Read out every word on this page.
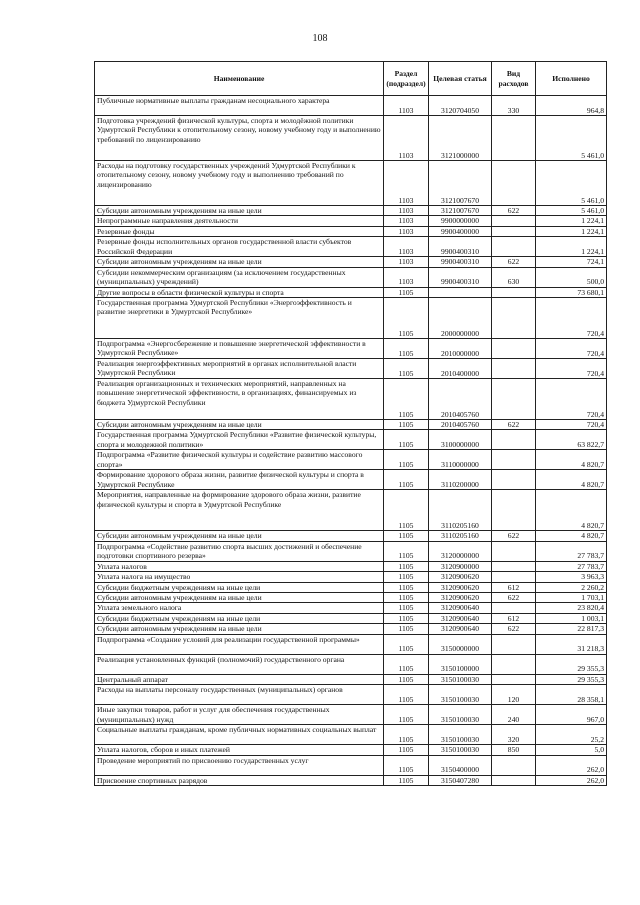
108
Наименование	Раздел (подраздел)	Целевая статья	Вид расходов	Исполнено
Публичные нормативные выплаты гражданам несоциального характера	1103	3120704050	330	964,8
Подготовка учреждений физической культуры, спорта и молодёжной политики Удмуртской Республики к отопительному сезону, новому учебному году и выполнению требований по лицензированию	1103	3121000000		5 461,0
Расходы на подготовку государственных учреждений Удмуртской Республики к отопительному сезону, новому учебному году и выполнению требований по лицензированию	1103	3121007670		5 461,0
Субсидии автономным учреждениям на иные цели	1103	3121007670	622	5 461,0
Непрограммные направления деятельности	1103	9900000000		1 224,1
Резервные фонды	1103	9900400000		1 224,1
Резервные фонды исполнительных органов государственной власти субъектов Российской Федерации	1103	9900400310		1 224,1
Субсидии автономным учреждениям на иные цели	1103	9900400310	622	724,1
Субсидии некоммерческим организациям (за исключением государственных (муниципальных) учреждений)	1103	9900400310	630	500,0
Другие вопросы в области физической культуры и спорта	1105			73 680,1
Государственная программа Удмуртской Республики «Энергоэффективность и развитие энергетики в Удмуртской Республике»	1105	2000000000		720,4
Подпрограмма «Энергосбережение и повышение энергетической эффективности в Удмуртской Республике»	1105	2010000000		720,4
Реализация энергоэффективных мероприятий в органах исполнительной власти Удмуртской Республики	1105	2010400000		720,4
Реализация организационных и технических мероприятий, направленных на повышение энергетической эффективности, в организациях, финансируемых из бюджета Удмуртской Республики	1105	2010405760		720,4
Субсидии автономным учреждениям на иные цели	1105	2010405760	622	720,4
Государственная программа Удмуртской Республики «Развитие физической культуры, спорта и молодежной политики»	1105	3100000000		63 822,7
Подпрограмма «Развитие физической культуры и содействие развитию массового спорта»	1105	3110000000		4 820,7
Формирование здорового образа жизни, развитие физической культуры и спорта в Удмуртской Республике	1105	3110200000		4 820,7
Мероприятия, направленные на формирование здорового образа жизни, развитие физической культуры и спорта в Удмуртской Республике	1105	3110205160		4 820,7
Субсидии автономным учреждениям на иные цели	1105	3110205160	622	4 820,7
Подпрограмма «Содействие развитию спорта высших достижений и обеспечение подготовки спортивного резерва»	1105	3120000000		27 783,7
Уплата налогов	1105	3120900000		27 783,7
Уплата налога на имущество	1105	3120900620		3 963,3
Субсидии бюджетным учреждениям на иные цели	1105	3120900620	612	2 260,2
Субсидии автономным учреждениям на иные цели	1105	3120900620	622	1 703,1
Уплата земельного налога	1105	3120900640		23 820,4
Субсидии бюджетным учреждениям на иные цели	1105	3120900640	612	1 003,1
Субсидии автономным учреждениям на иные цели	1105	3120900640	622	22 817,3
Подпрограмма «Создание условий для реализации государственной программы»	1105	3150000000		31 218,3
Реализация установленных функций (полномочий) государственного органа	1105	3150100000		29 355,3
Центральный аппарат	1105	3150100030		29 355,3
Расходы на выплаты персоналу государственных (муниципальных) органов	1105	3150100030	120	28 358,1
Иные закупки товаров, работ и услуг для обеспечения государственных (муниципальных) нужд	1105	3150100030	240	967,0
Социальные выплаты гражданам, кроме публичных нормативных социальных выплат	1105	3150100030	320	25,2
Уплата налогов, сборов и иных платежей	1105	3150100030	850	5,0
Проведение мероприятий по присвоению государственных услуг	1105	3150400000		262,0
Присвоение спортивных разрядов	1105	3150407280		262,0
